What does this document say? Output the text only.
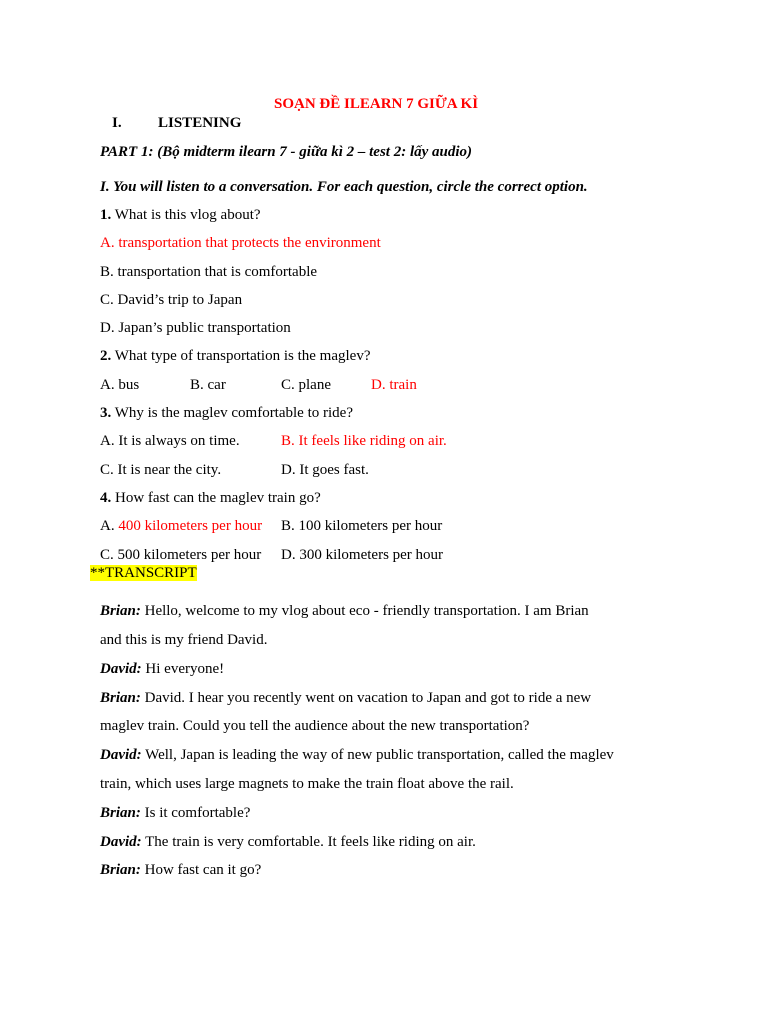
SOẠN ĐỀ ILEARN 7 GIỮA KÌ
I. LISTENING
PART 1: (Bộ midterm ilearn 7 - giữa kì 2 – test 2: lấy audio)
I. You will listen to a conversation. For each question, circle the correct option.
1. What is this vlog about?
A. transportation that protects the environment
B. transportation that is comfortable
C. David’s trip to Japan
D. Japan’s public transportation
2. What type of transportation is the maglev?
A. bus	B. car	C. plane	D. train
3. Why is the maglev comfortable to ride?
A. It is always on time.	B. It feels like riding on air.
C. It is near the city.	D. It goes fast.
4. How fast can the maglev train go?
A. 400 kilometers per hour B. 100 kilometers per hour
C. 500 kilometers per hour D. 300 kilometers per hour
**TRANSCRIPT
Brian: Hello, welcome to my vlog about eco - friendly transportation. I am Brian
and this is my friend David.
David: Hi everyone!
Brian: David. I hear you recently went on vacation to Japan and got to ride a new
maglev train. Could you tell the audience about the new transportation?
David: Well, Japan is leading the way of new public transportation, called the maglev
train, which uses large magnets to make the train float above the rail.
Brian: Is it comfortable?
David: The train is very comfortable. It feels like riding on air.
Brian: How fast can it go?
